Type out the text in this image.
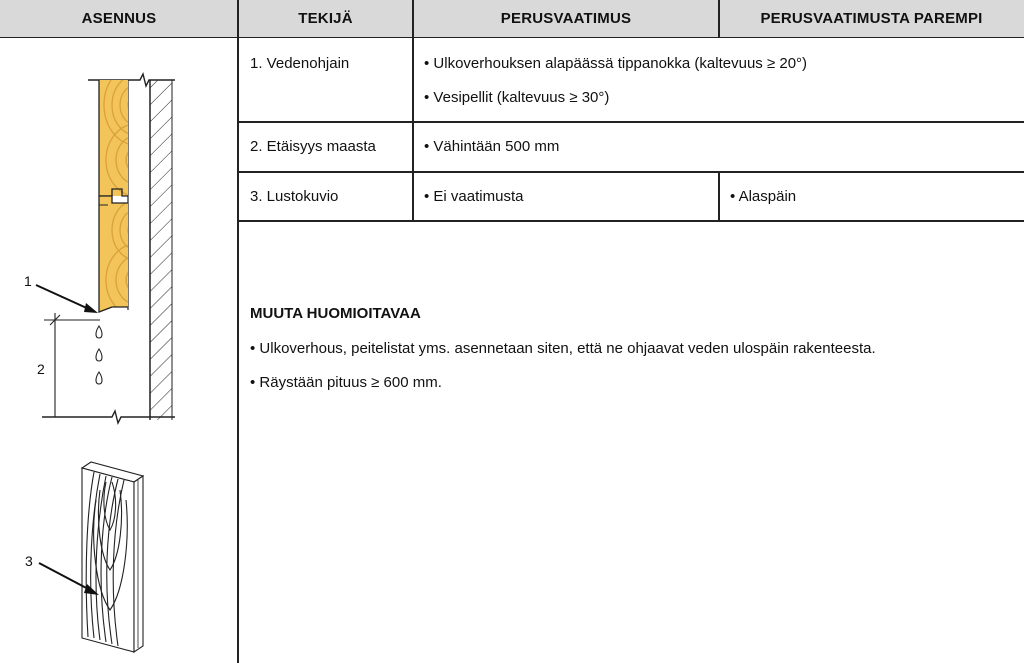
ASENNUS	TEKIJÄ	PERUSVAATIMUS	PERUSVAATIMUSTA PAREMPI
1. Vedenohjain	• Ulkoverhouksen alapäässä tippanokka (kaltevuus ≥ 20°)
• Vesipellit (kaltevuus ≥ 30°)
2. Etäisyys maasta	• Vähintään 500 mm
3. Lustokuvio	• Ei vaatimusta	• Alaspäin
MUUTA HUOMIOITAVAA
• Ulkoverhous, peitelistat yms. asennetaan siten, että ne ohjaavat veden ulospäin rakenteesta.
• Räystään pituus ≥ 600 mm.
1
2
3
